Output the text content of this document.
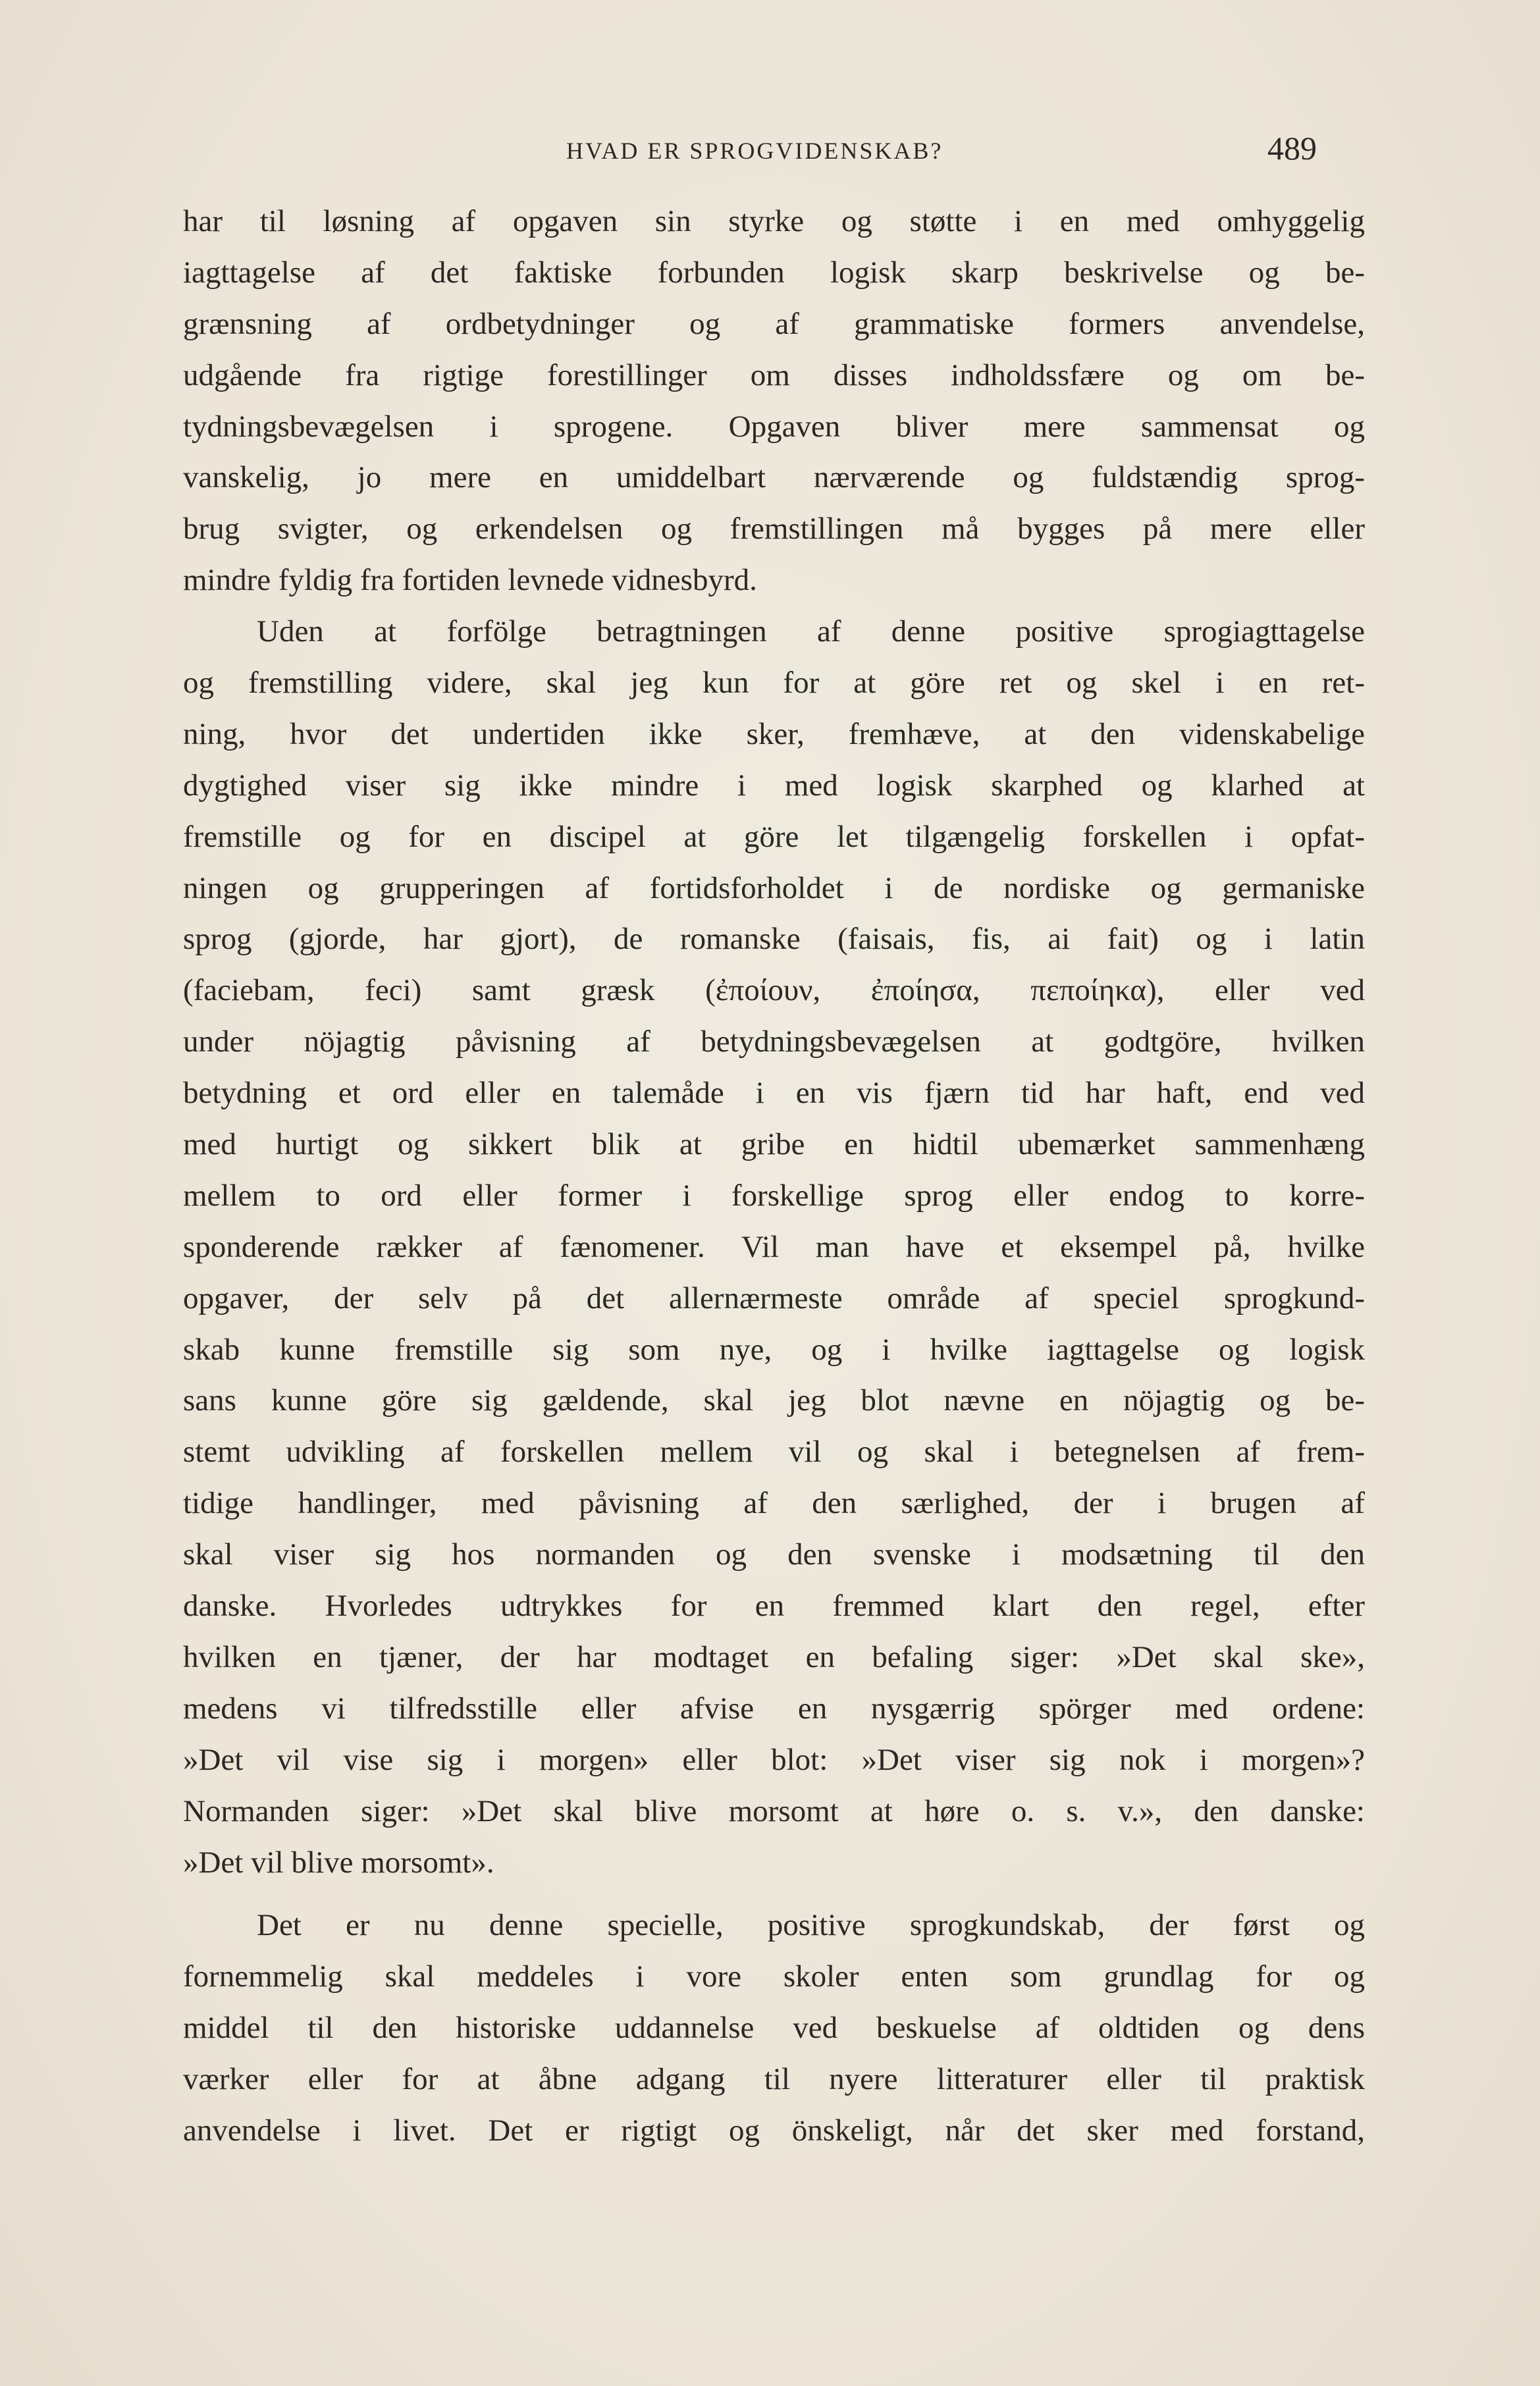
HVAD ER SPROGVIDENSKAB?	489
har til løsning af opgaven sin styrke og støtte i en med omhyggelig
iagttagelse af det faktiske forbunden logisk skarp beskrivelse og be-
grænsning af ordbetydninger og af grammatiske formers anvendelse,
udgående fra rigtige forestillinger om disses indholdssfære og om be-
tydningsbevægelsen i sprogene. Opgaven bliver mere sammensat og
vanskelig, jo mere en umiddelbart nærværende og fuldstændig sprog-
brug svigter, og erkendelsen og fremstillingen må bygges på mere eller
mindre fyldig fra fortiden levnede vidnesbyrd.
Uden at forfölge betragtningen af denne positive sprogiagttagelse
og fremstilling videre, skal jeg kun for at göre ret og skel i en ret-
ning, hvor det undertiden ikke sker, fremhæve, at den videnskabelige
dygtighed viser sig ikke mindre i med logisk skarphed og klarhed at
fremstille og for en discipel at göre let tilgængelig forskellen i opfat-
ningen og grupperingen af fortidsforholdet i de nordiske og germaniske
sprog (gjorde, har gjort), de romanske (faisais, fis, ai fait) og i latin
(faciebam, feci) samt græsk (ἐποίουν, ἐποίησα, πεποίηκα), eller ved
under nöjagtig påvisning af betydningsbevægelsen at godtgöre, hvilken
betydning et ord eller en talemåde i en vis fjærn tid har haft, end ved
med hurtigt og sikkert blik at gribe en hidtil ubemærket sammenhæng
mellem to ord eller former i forskellige sprog eller endog to korre-
sponderende rækker af fænomener. Vil man have et eksempel på, hvilke
opgaver, der selv på det allernærmeste område af speciel sprogkund-
skab kunne fremstille sig som nye, og i hvilke iagttagelse og logisk
sans kunne göre sig gældende, skal jeg blot nævne en nöjagtig og be-
stemt udvikling af forskellen mellem vil og skal i betegnelsen af frem-
tidige handlinger, med påvisning af den særlighed, der i brugen af
skal viser sig hos normanden og den svenske i modsætning til den
danske. Hvorledes udtrykkes for en fremmed klart den regel, efter
hvilken en tjæner, der har modtaget en befaling siger: »Det skal ske»,
medens vi tilfredsstille eller afvise en nysgærrig spörger med ordene:
»Det vil vise sig i morgen» eller blot: »Det viser sig nok i morgen»?
Normanden siger: »Det skal blive morsomt at høre o. s. v.», den danske:
»Det vil blive morsomt».
Det er nu denne specielle, positive sprogkundskab, der først og
fornemmelig skal meddeles i vore skoler enten som grundlag for og
middel til den historiske uddannelse ved beskuelse af oldtiden og dens
værker eller for at åbne adgang til nyere litteraturer eller til praktisk
anvendelse i livet. Det er rigtigt og önskeligt, når det sker med forstand,
